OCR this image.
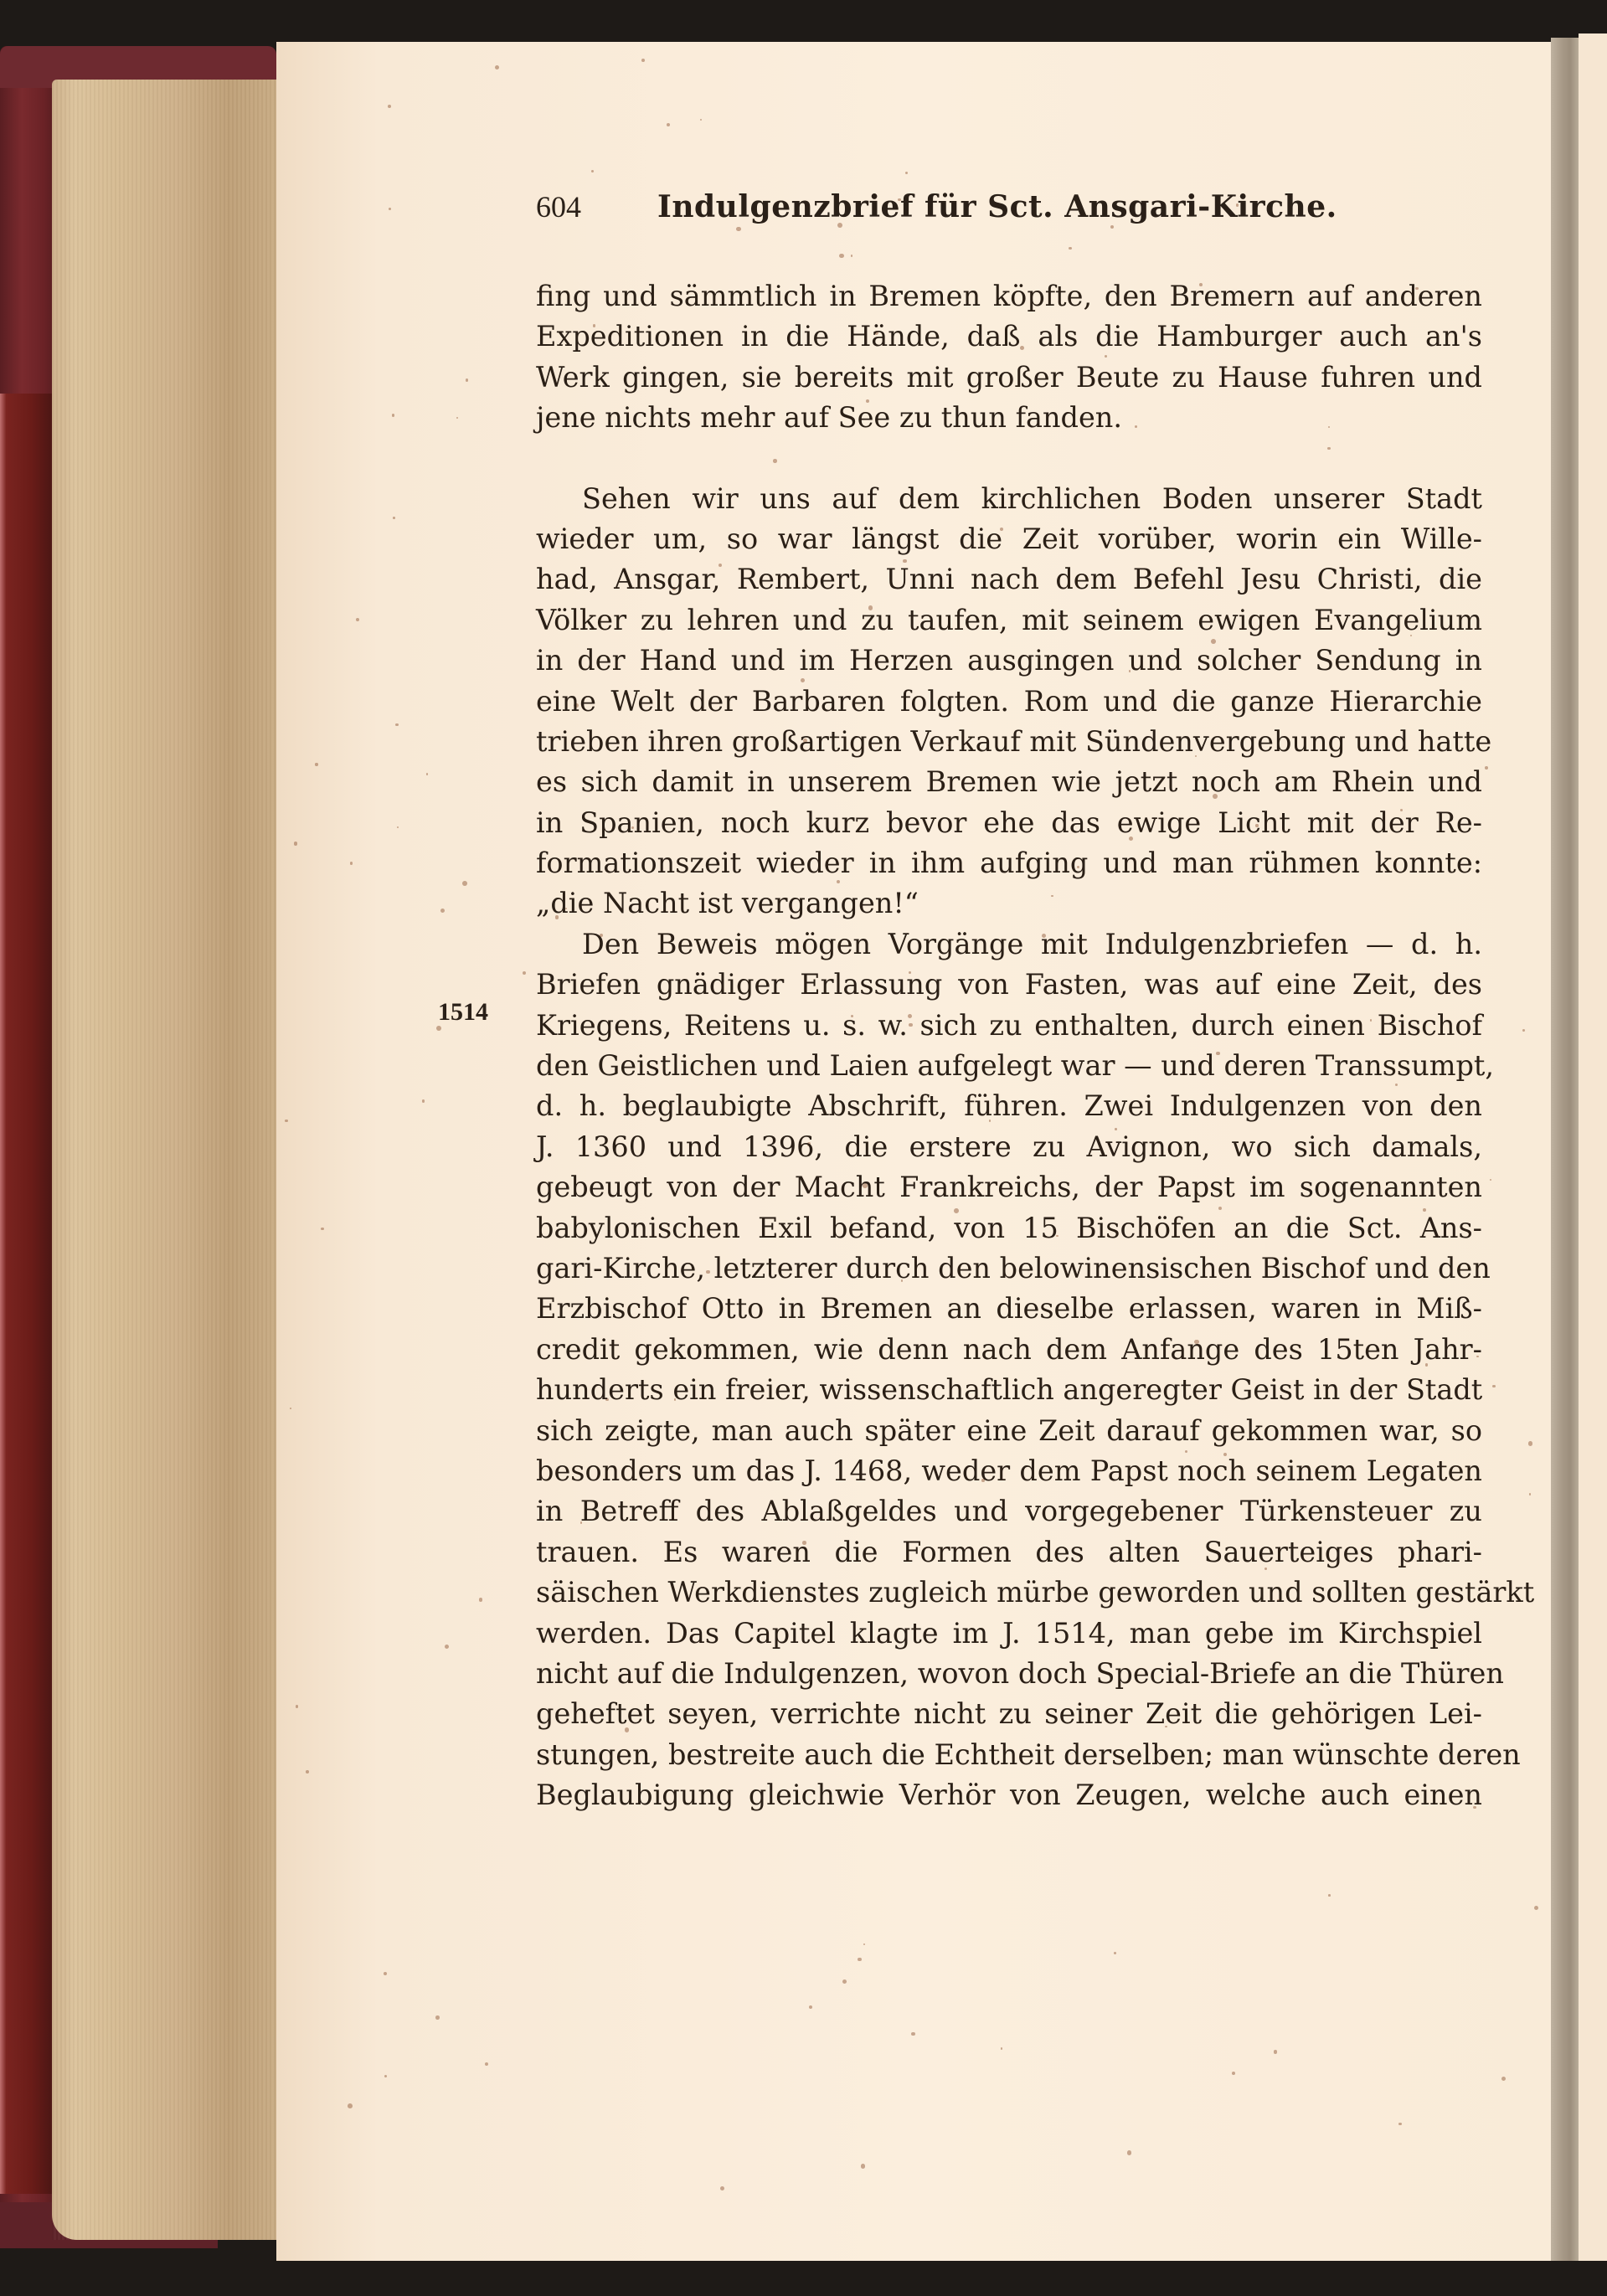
604	Indulgenzbrief für Sct. Ansgari-Kirche.
1514
fing und sämmtlich in Bremen köpfte, den Bremern auf anderen
Expeditionen in die Hände, daß als die Hamburger auch an's
Werk gingen, sie bereits mit großer Beute zu Hause fuhren und
jene nichts mehr auf See zu thun fanden.
Sehen wir uns auf dem kirchlichen Boden unserer Stadt
wieder um, so war längst die Zeit vorüber, worin ein Wille-
had, Ansgar, Rembert, Unni nach dem Befehl Jesu Christi, die
Völker zu lehren und zu taufen, mit seinem ewigen Evangelium
in der Hand und im Herzen ausgingen und solcher Sendung in
eine Welt der Barbaren folgten. Rom und die ganze Hierarchie
trieben ihren großartigen Verkauf mit Sündenvergebung und hatte
es sich damit in unserem Bremen wie jetzt noch am Rhein und
in Spanien, noch kurz bevor ehe das ewige Licht mit der Re-
formationszeit wieder in ihm aufging und man rühmen konnte:
„die Nacht ist vergangen!“
Den Beweis mögen Vorgänge mit Indulgenzbriefen — d. h.
Briefen gnädiger Erlassung von Fasten, was auf eine Zeit, des
Kriegens, Reitens u. s. w. sich zu enthalten, durch einen Bischof
den Geistlichen und Laien aufgelegt war — und deren Transsumpt,
d. h. beglaubigte Abschrift, führen. Zwei Indulgenzen von den
J. 1360 und 1396, die erstere zu Avignon, wo sich damals,
gebeugt von der Macht Frankreichs, der Papst im sogenannten
babylonischen Exil befand, von 15 Bischöfen an die Sct. Ans-
gari-Kirche, letzterer durch den belowinensischen Bischof und den
Erzbischof Otto in Bremen an dieselbe erlassen, waren in Miß-
credit gekommen, wie denn nach dem Anfange des 15ten Jahr-
hunderts ein freier, wissenschaftlich angeregter Geist in der Stadt
sich zeigte, man auch später eine Zeit darauf gekommen war, so
besonders um das J. 1468, weder dem Papst noch seinem Legaten
in Betreff des Ablaßgeldes und vorgegebener Türkensteuer zu
trauen. Es waren die Formen des alten Sauerteiges phari-
säischen Werkdienstes zugleich mürbe geworden und sollten gestärkt
werden. Das Capitel klagte im J. 1514, man gebe im Kirchspiel
nicht auf die Indulgenzen, wovon doch Special-Briefe an die Thüren
geheftet seyen, verrichte nicht zu seiner Zeit die gehörigen Lei-
stungen, bestreite auch die Echtheit derselben; man wünschte deren
Beglaubigung gleichwie Verhör von Zeugen, welche auch einen
